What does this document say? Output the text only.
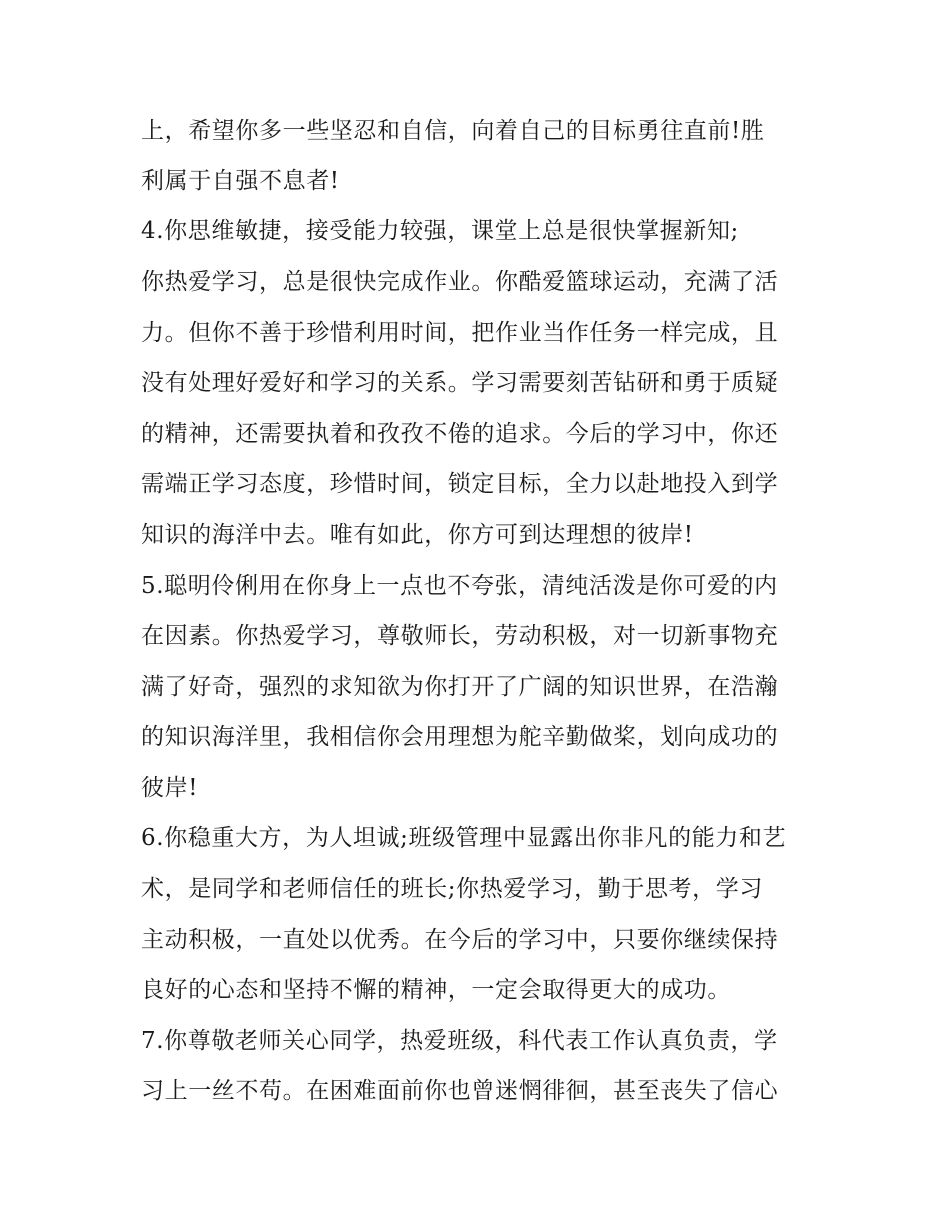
上，希望你多一些坚忍和自信，向着自己的目标勇往直前!胜
利属于自强不息者!
4.你思维敏捷，接受能力较强，课堂上总是很快掌握新知;
你热爱学习，总是很快完成作业。你酷爱篮球运动，充满了活
力。但你不善于珍惜利用时间，把作业当作任务一样完成，且
没有处理好爱好和学习的关系。学习需要刻苦钻研和勇于质疑
的精神，还需要执着和孜孜不倦的追求。今后的学习中，你还
需端正学习态度，珍惜时间，锁定目标，全力以赴地投入到学
知识的海洋中去。唯有如此，你方可到达理想的彼岸!
5.聪明伶俐用在你身上一点也不夸张，清纯活泼是你可爱的内
在因素。你热爱学习，尊敬师长，劳动积极，对一切新事物充
满了好奇，强烈的求知欲为你打开了广阔的知识世界，在浩瀚
的知识海洋里，我相信你会用理想为舵辛勤做桨，划向成功的
彼岸!
6.你稳重大方，为人坦诚;班级管理中显露出你非凡的能力和艺
术，是同学和老师信任的班长;你热爱学习，勤于思考，学习
主动积极，一直处以优秀。在今后的学习中，只要你继续保持
良好的心态和坚持不懈的精神，一定会取得更大的成功。
7.你尊敬老师关心同学，热爱班级，科代表工作认真负责，学
习上一丝不苟。在困难面前你也曾迷惘徘徊，甚至丧失了信心
